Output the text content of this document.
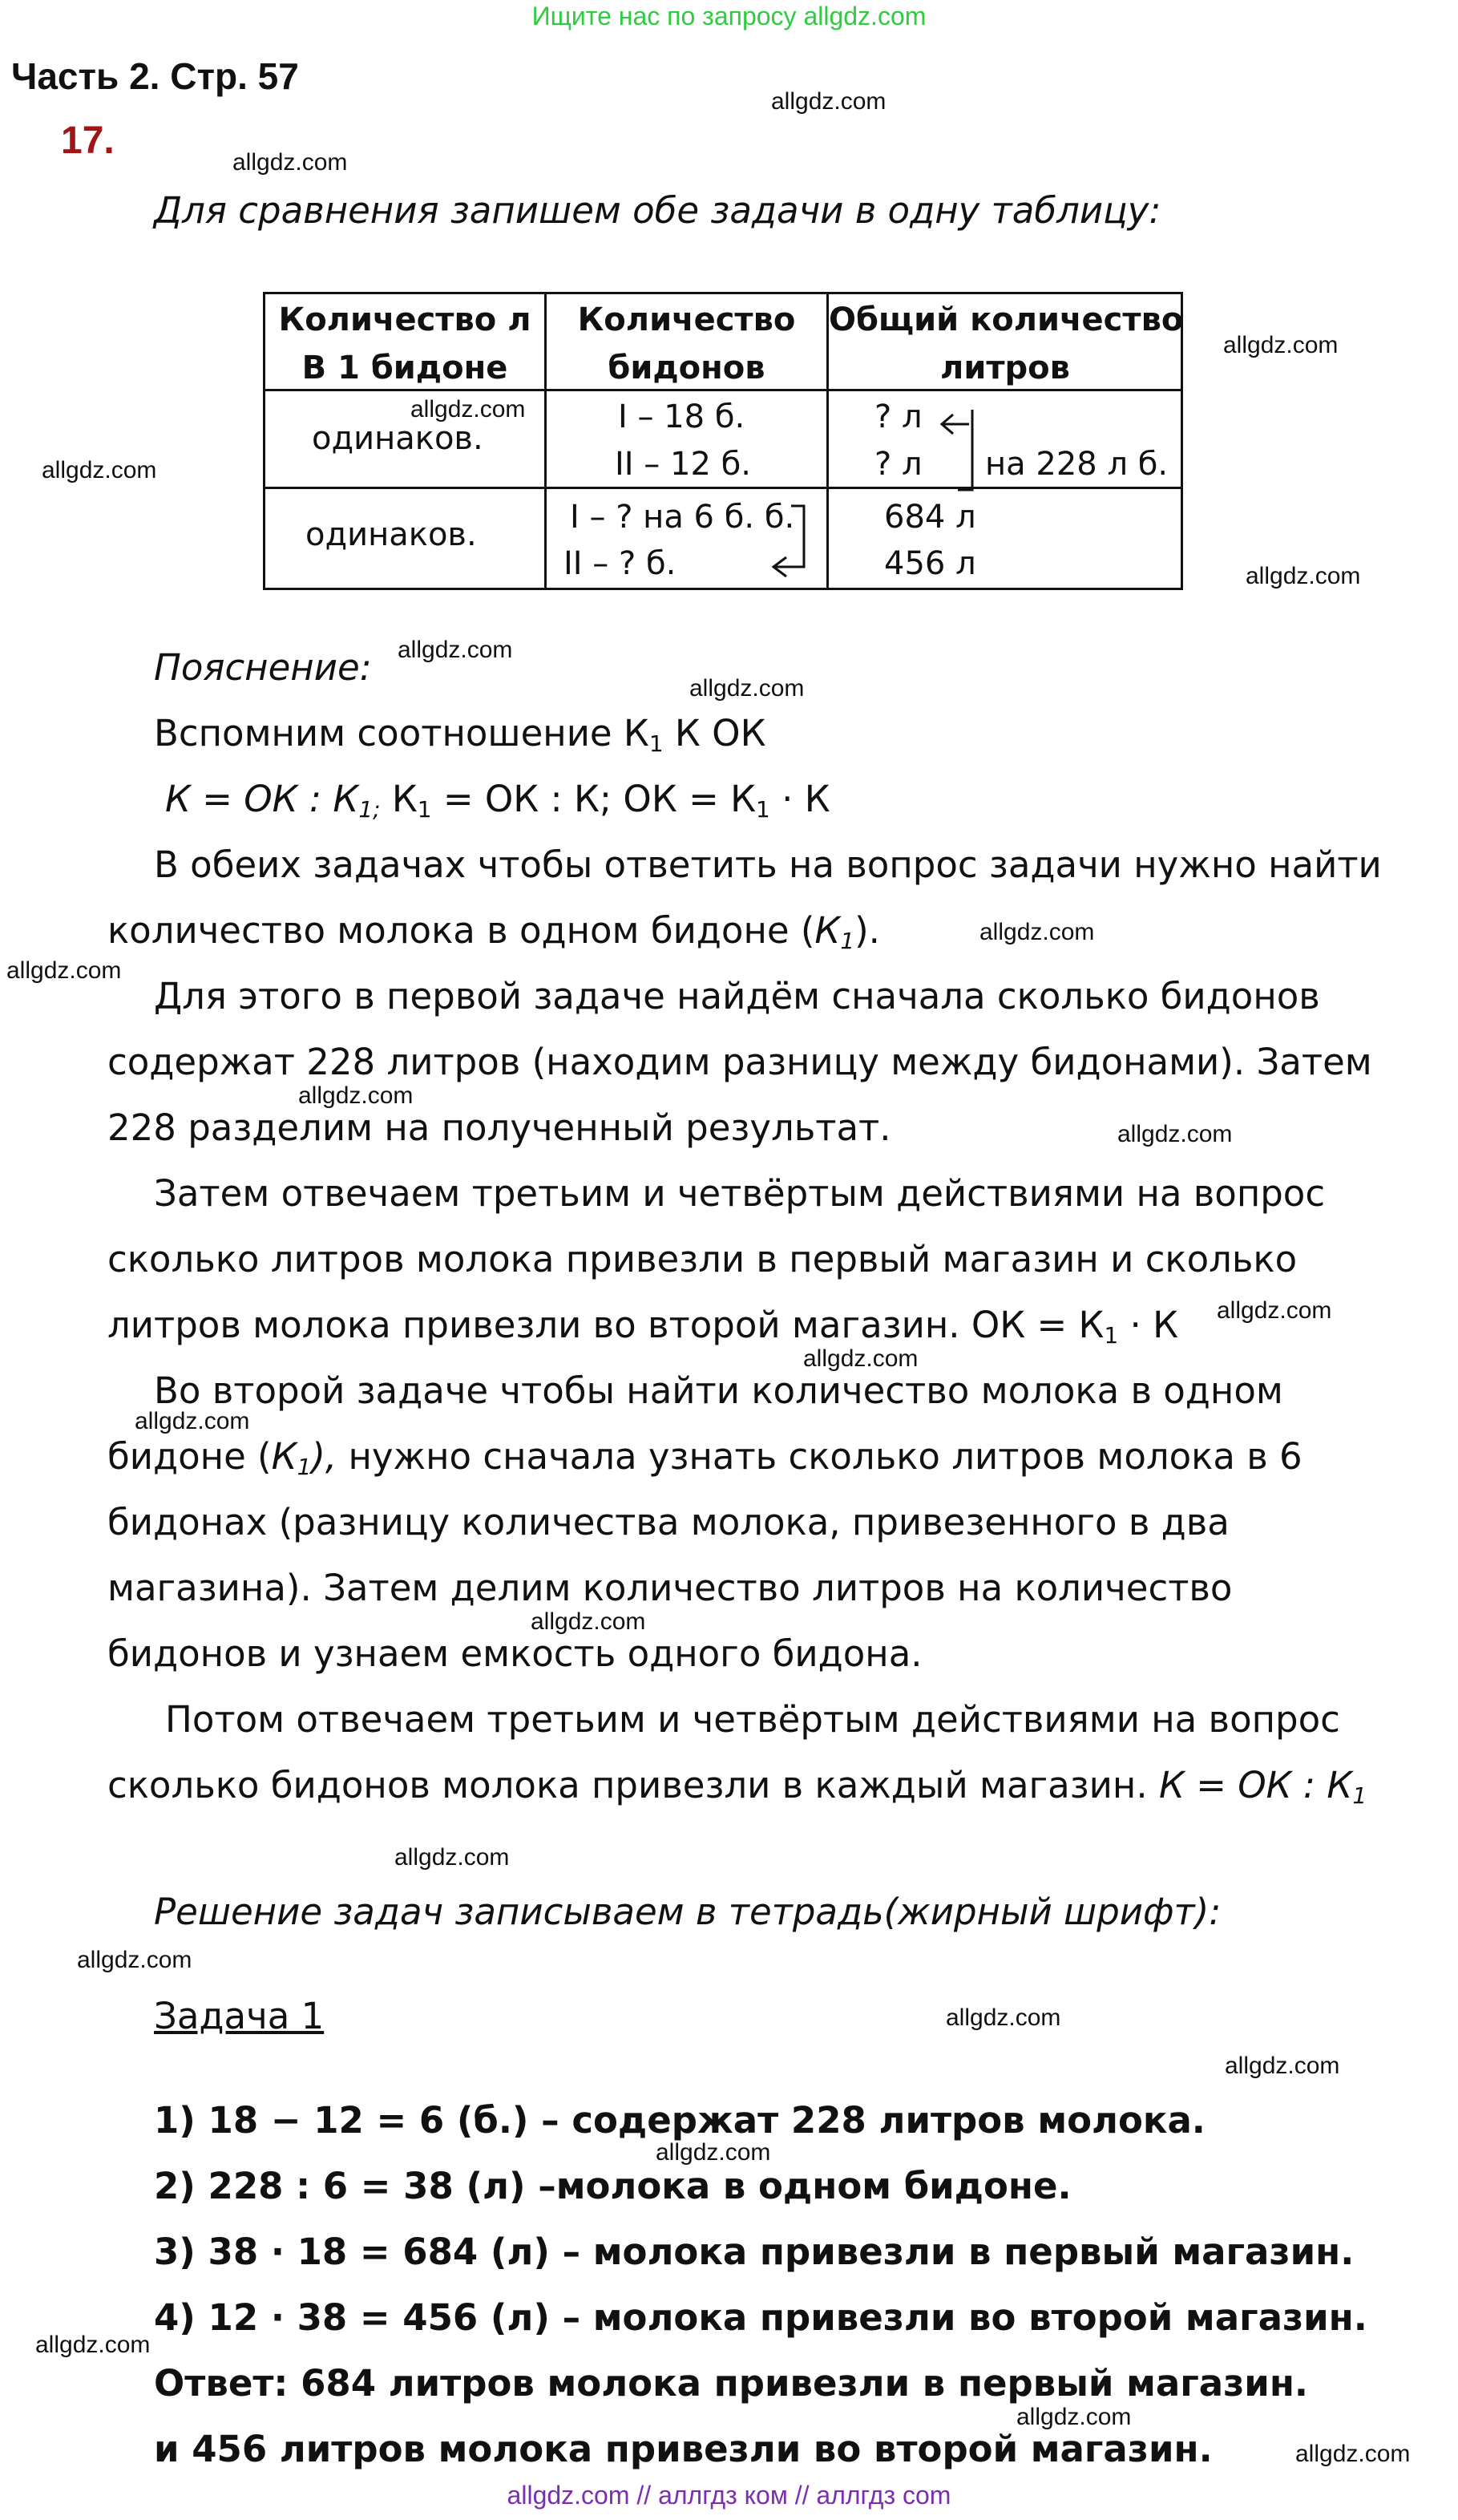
Ищите нас по запросу allgdz.com
Часть 2. Стр. 57
17.
Для сравнения запишем обе задачи в одну таблицу:
Количество л
В 1 бидоне
Количество
бидонов
Общий количество
литров
одинаков.
I – 18 б.
II – 12 б.
? л
? л на 228 л б.
одинаков.	I – ? на 6 б. б.
II – ? б.
684 л
456 л
Пояснение:
Вспомним соотношение $К_1$ К ОК
К = ОК : $К_{1;}$ $К_1$ = ОК : К; ОК = $К_1 \cdot К$
В обеих задачах чтобы ответить на вопрос задачи нужно найти
количество молока в одном бидоне $(К_1)$.
Для этого в первой задаче найдём сначала сколько бидонов
содержат 228 литров (находим разницу между бидонами). Затем
228 разделим на полученный результат.
Затем отвечаем третьим и четвёртым действиями на вопрос
сколько литров молока привезли в первый магазин и сколько
литров молока привезли во второй магазин. ОК = $К_1 \cdot К$
Во второй задаче чтобы найти количество молока в одном
бидоне $(К_1)$, нужно сначала узнать сколько литров молока в 6
бидонах (разницу количества молока, привезенного в два
магазина). Затем делим количество литров на количество
бидонов и узнаем емкость одного бидона.
Потом отвечаем третьим и четвёртым действиями на вопрос
сколько бидонов молока привезли в каждый магазин. К = ОК : $К_1$
Решение задач записываем в тетрадь(жирный шрифт):
Задача 1
1) 18 − 12 = 6 (б.) – содержат 228 литров молока.
2) 228 : 6 = 38 (л) –молока в одном бидоне.
3) 38 · 18 = 684 (л) – молока привезли в первый магазин.
4) 12 · 38 = 456 (л) – молока привезли во второй магазин.
Ответ: 684 литров молока привезли в первый магазин.
и 456 литров молока привезли во второй магазин.
allgdz.com
allgdz.com
allgdz.com
allgdz.com
allgdz.com
allgdz.com
allgdz.com
allgdz.com
allgdz.com
allgdz.com
allgdz.com
allgdz.com
allgdz.com
allgdz.com
allgdz.com
allgdz.com
allgdz.com
allgdz.com
allgdz.com
allgdz.com
allgdz.com
allgdz.com
allgdz.com
allgdz.com
allgdz.com // аллгдз ком // аллгдз com
